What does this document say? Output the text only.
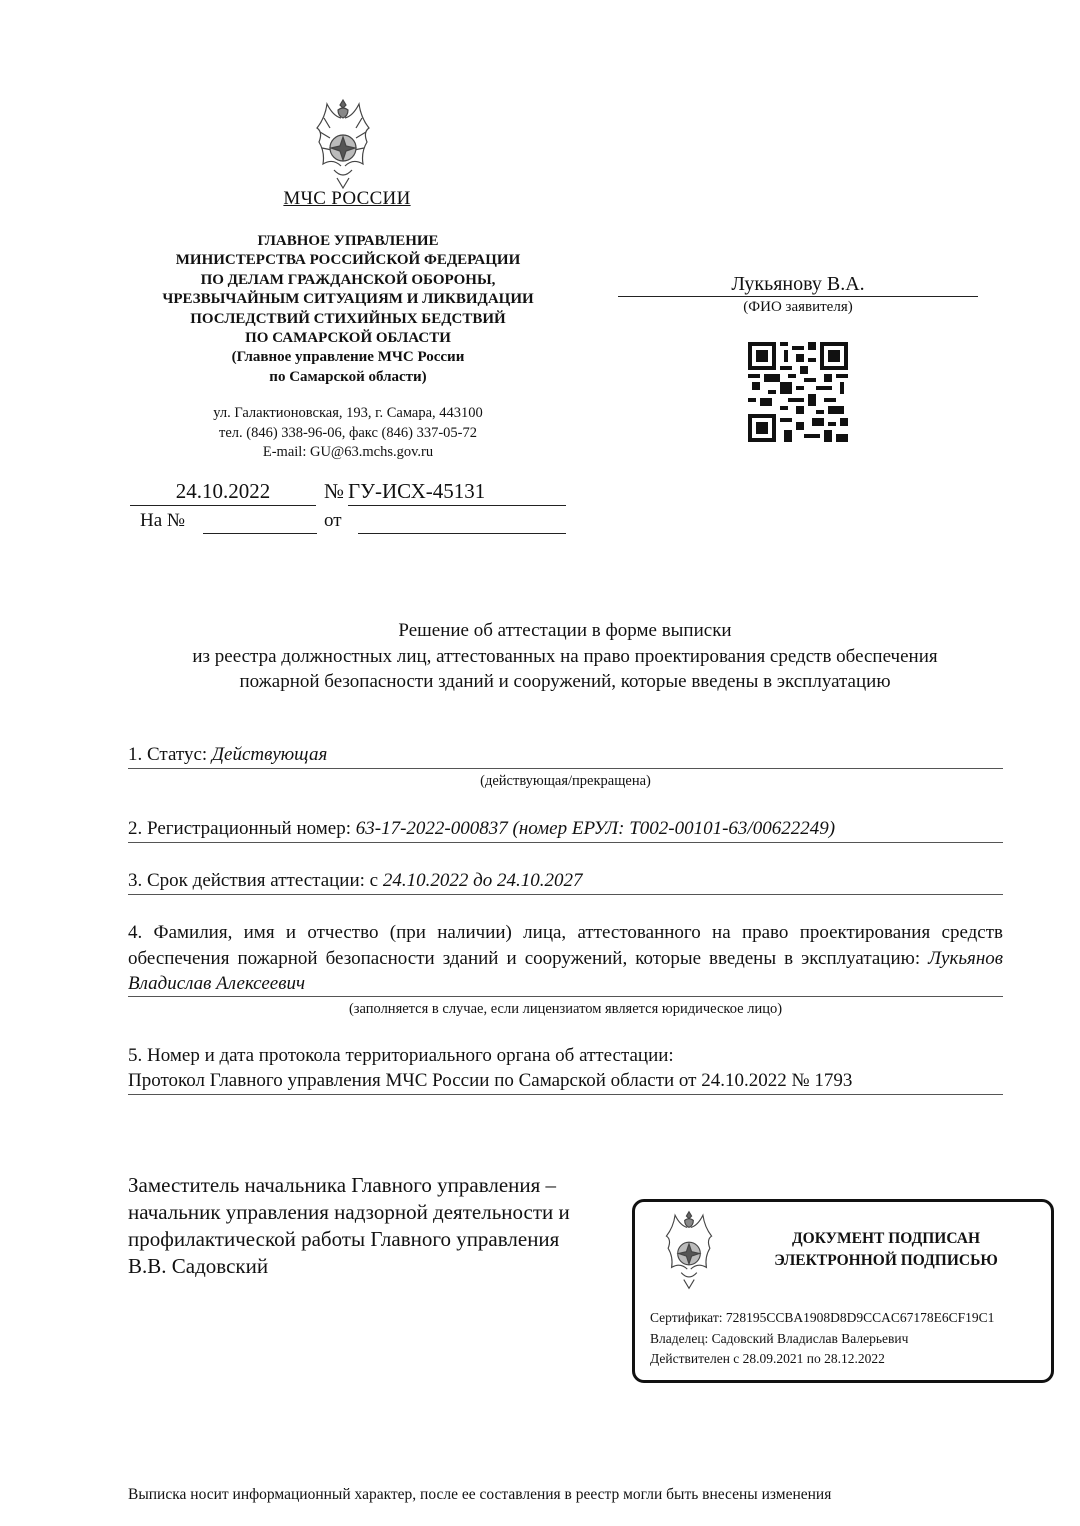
МЧС РОССИИ
ГЛАВНОЕ УПРАВЛЕНИЕ
МИНИСТЕРСТВА РОССИЙСКОЙ ФЕДЕРАЦИИ
ПО ДЕЛАМ ГРАЖДАНСКОЙ ОБОРОНЫ,
ЧРЕЗВЫЧАЙНЫМ СИТУАЦИЯМ И ЛИКВИДАЦИИ
ПОСЛЕДСТВИЙ СТИХИЙНЫХ БЕДСТВИЙ
ПО САМАРСКОЙ ОБЛАСТИ
(Главное управление МЧС России
по Самарской области)
ул. Галактионовская, 193, г. Самара, 443100
тел. (846) 338-96-06, факс (846) 337-05-72
E-mail: GU@63.mchs.gov.ru
Лукьянову В.А.
(ФИО заявителя)
24.10.2022	№ ГУ-ИСХ-45131
На №	от
Решение об аттестации в форме выписки
из реестра должностных лиц, аттестованных на право проектирования средств обеспечения
пожарной безопасности зданий и сооружений, которые введены в эксплуатацию
1. Статус: Действующая
(действующая/прекращена)
2. Регистрационный номер: 63-17-2022-000837 (номер ЕРУЛ: Т002-00101-63/00622249)
3. Срок действия аттестации: с 24.10.2022 до 24.10.2027
4. Фамилия, имя и отчество (при наличии) лица, аттестованного на право проектирования средств обеспечения пожарной безопасности зданий и сооружений, которые введены в эксплуатацию: Лукьянов Владислав Алексеевич
(заполняется в случае, если лицензиатом является юридическое лицо)
5. Номер и дата протокола территориального органа об аттестации:
Протокол Главного управления МЧС России по Самарской области от 24.10.2022 № 1793
Заместитель начальника Главного управления –
начальник управления надзорной деятельности и
профилактической работы Главного управления
В.В. Садовский
ДОКУМЕНТ ПОДПИСАН
ЭЛЕКТРОННОЙ ПОДПИСЬЮ
Сертификат: 728195CCBA1908D8D9CCAC67178E6CF19C1
Владелец: Садовский Владислав Валерьевич
Действителен с 28.09.2021 по 28.12.2022
Выписка носит информационный характер, после ее составления в реестр могли быть внесены изменения
